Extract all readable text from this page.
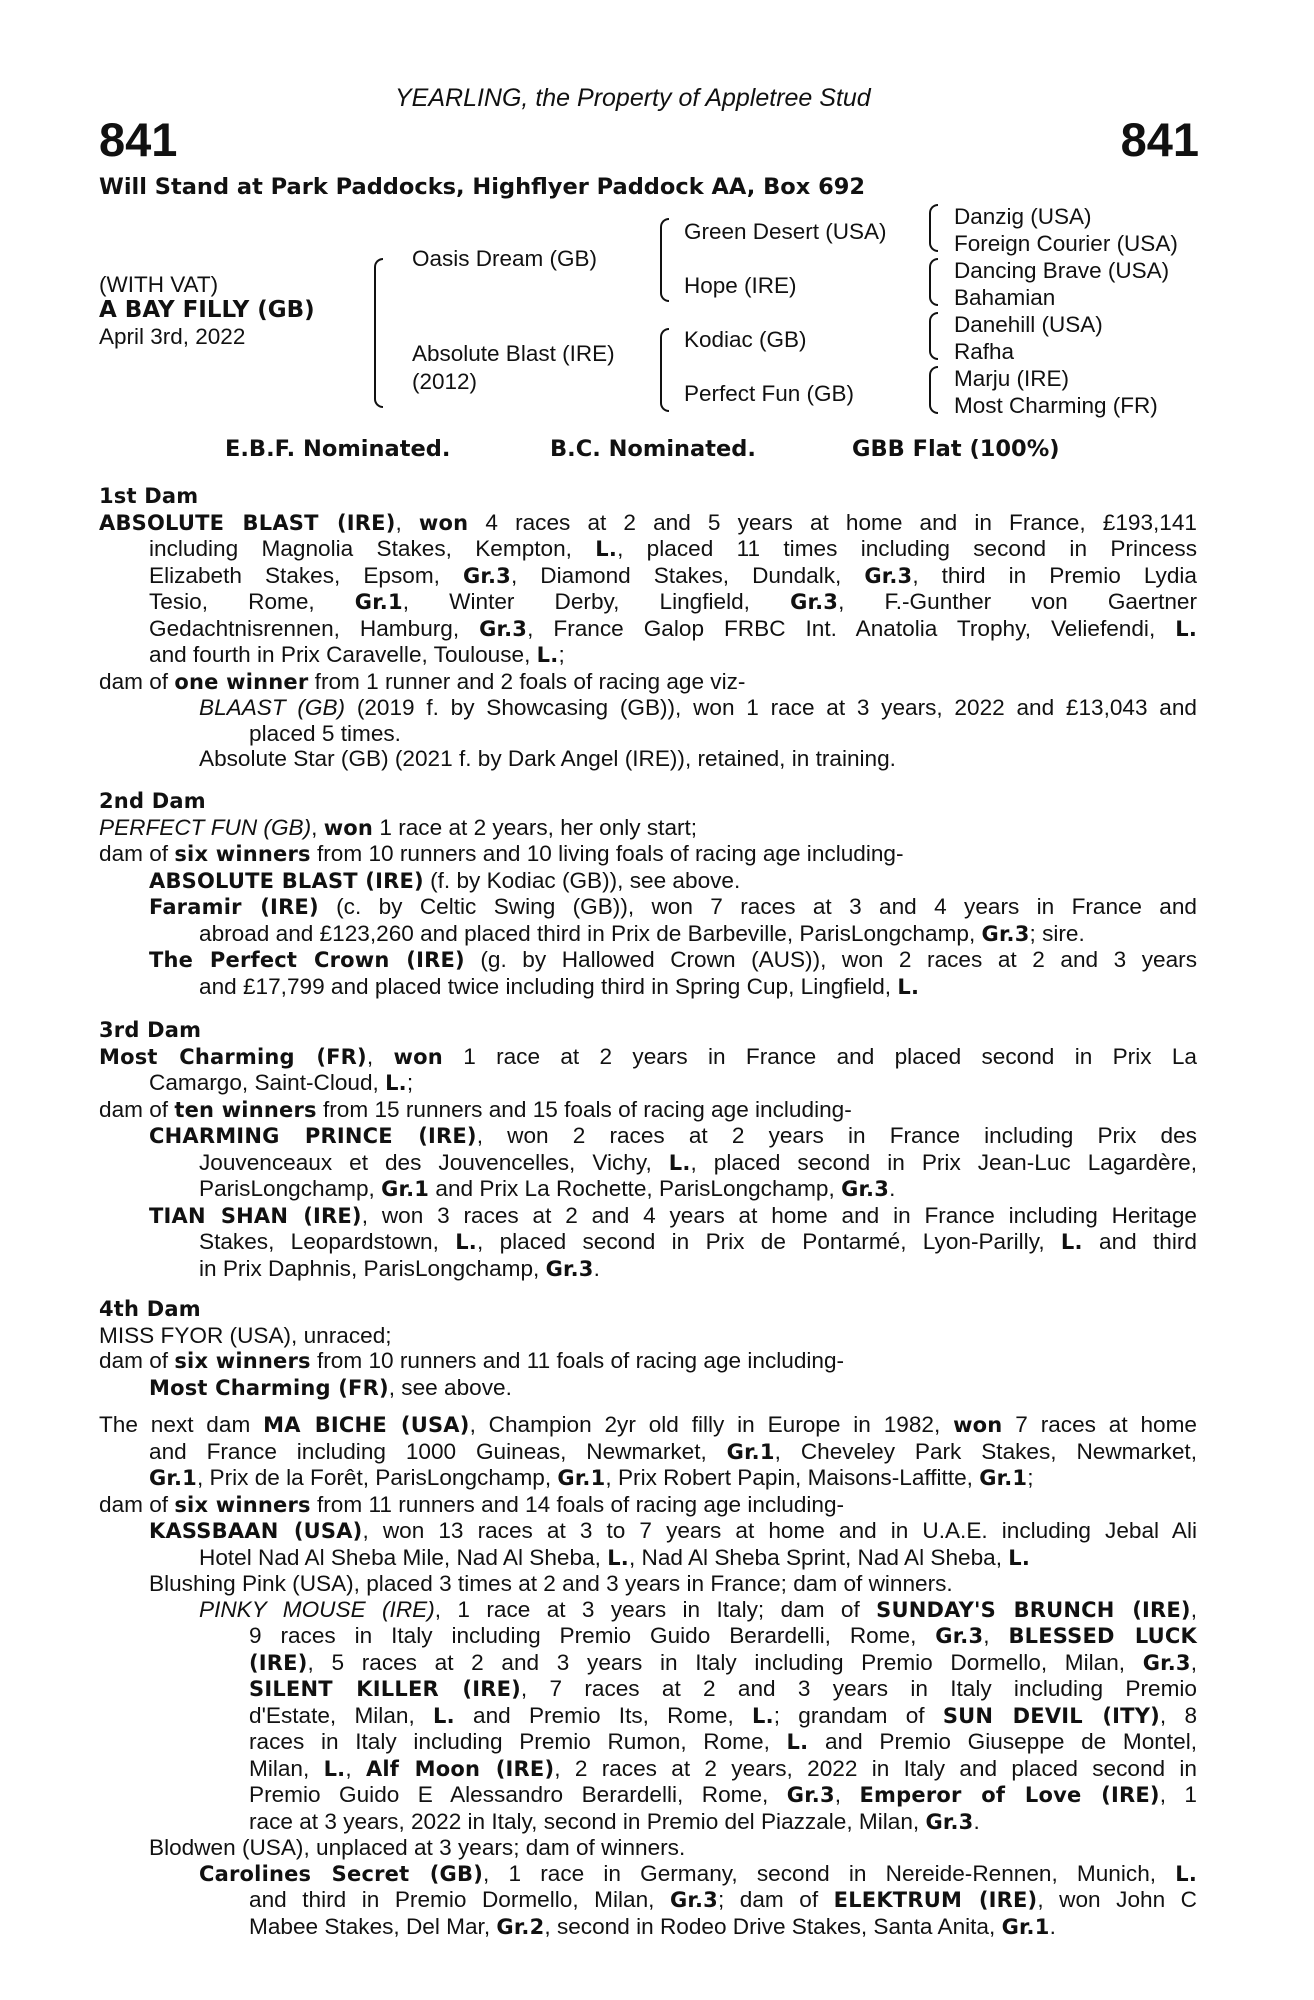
841	841
YEARLING, the Property of Appletree Stud
Will Stand at Park Paddocks, Highflyer Paddock AA, Box 692
(WITH VAT)
A BAY FILLY (GB)
April 3rd, 2022
Oasis Dream (GB)
Absolute Blast (IRE)
(2012)
Green Desert (USA)
Hope (IRE)
Kodiac (GB)
Perfect Fun (GB)
Danzig (USA)
Foreign Courier (USA)
Dancing Brave (USA)
Bahamian
Danehill (USA)
Rafha
Marju (IRE)
Most Charming (FR)
E.B.F. Nominated.	B.C. Nominated.	GBB Flat (100%)
1st Dam
ABSOLUTE BLAST (IRE), won 4 races at 2 and 5 years at home and in France, £193,141
including Magnolia Stakes, Kempton, L., placed 11 times including second in Princess
Elizabeth Stakes, Epsom, Gr.3, Diamond Stakes, Dundalk, Gr.3, third in Premio Lydia
Tesio, Rome, Gr.1, Winter Derby, Lingfield, Gr.3, F.-Gunther von Gaertner
Gedachtnisrennen, Hamburg, Gr.3, France Galop FRBC Int. Anatolia Trophy, Veliefendi, L.
and fourth in Prix Caravelle, Toulouse, L.;
dam of one winner from 1 runner and 2 foals of racing age viz-
BLAAST (GB) (2019 f. by Showcasing (GB)), won 1 race at 3 years, 2022 and £13,043 and
placed 5 times.
Absolute Star (GB) (2021 f. by Dark Angel (IRE)), retained, in training.
2nd Dam
PERFECT FUN (GB), won 1 race at 2 years, her only start;
dam of six winners from 10 runners and 10 living foals of racing age including-
ABSOLUTE BLAST (IRE) (f. by Kodiac (GB)), see above.
Faramir (IRE) (c. by Celtic Swing (GB)), won 7 races at 3 and 4 years in France and
abroad and £123,260 and placed third in Prix de Barbeville, ParisLongchamp, Gr.3; sire.
The Perfect Crown (IRE) (g. by Hallowed Crown (AUS)), won 2 races at 2 and 3 years
and £17,799 and placed twice including third in Spring Cup, Lingfield, L.
3rd Dam
Most Charming (FR), won 1 race at 2 years in France and placed second in Prix La
Camargo, Saint-Cloud, L.;
dam of ten winners from 15 runners and 15 foals of racing age including-
CHARMING PRINCE (IRE), won 2 races at 2 years in France including Prix des
Jouvenceaux et des Jouvencelles, Vichy, L., placed second in Prix Jean-Luc Lagardère,
ParisLongchamp, Gr.1 and Prix La Rochette, ParisLongchamp, Gr.3.
TIAN SHAN (IRE), won 3 races at 2 and 4 years at home and in France including Heritage
Stakes, Leopardstown, L., placed second in Prix de Pontarmé, Lyon-Parilly, L. and third
in Prix Daphnis, ParisLongchamp, Gr.3.
4th Dam
MISS FYOR (USA), unraced;
dam of six winners from 10 runners and 11 foals of racing age including-
Most Charming (FR), see above.
The next dam MA BICHE (USA), Champion 2yr old filly in Europe in 1982, won 7 races at home
and France including 1000 Guineas, Newmarket, Gr.1, Cheveley Park Stakes, Newmarket,
Gr.1, Prix de la Forêt, ParisLongchamp, Gr.1, Prix Robert Papin, Maisons-Laffitte, Gr.1;
dam of six winners from 11 runners and 14 foals of racing age including-
KASSBAAN (USA), won 13 races at 3 to 7 years at home and in U.A.E. including Jebal Ali
Hotel Nad Al Sheba Mile, Nad Al Sheba, L., Nad Al Sheba Sprint, Nad Al Sheba, L.
Blushing Pink (USA), placed 3 times at 2 and 3 years in France; dam of winners.
PINKY MOUSE (IRE), 1 race at 3 years in Italy; dam of SUNDAY'S BRUNCH (IRE),
9 races in Italy including Premio Guido Berardelli, Rome, Gr.3, BLESSED LUCK
(IRE), 5 races at 2 and 3 years in Italy including Premio Dormello, Milan, Gr.3,
SILENT KILLER (IRE), 7 races at 2 and 3 years in Italy including Premio
d'Estate, Milan, L. and Premio Its, Rome, L.; grandam of SUN DEVIL (ITY), 8
races in Italy including Premio Rumon, Rome, L. and Premio Giuseppe de Montel,
Milan, L., Alf Moon (IRE), 2 races at 2 years, 2022 in Italy and placed second in
Premio Guido E Alessandro Berardelli, Rome, Gr.3, Emperor of Love (IRE), 1
race at 3 years, 2022 in Italy, second in Premio del Piazzale, Milan, Gr.3.
Blodwen (USA), unplaced at 3 years; dam of winners.
Carolines Secret (GB), 1 race in Germany, second in Nereide-Rennen, Munich, L.
and third in Premio Dormello, Milan, Gr.3; dam of ELEKTRUM (IRE), won John C
Mabee Stakes, Del Mar, Gr.2, second in Rodeo Drive Stakes, Santa Anita, Gr.1.
